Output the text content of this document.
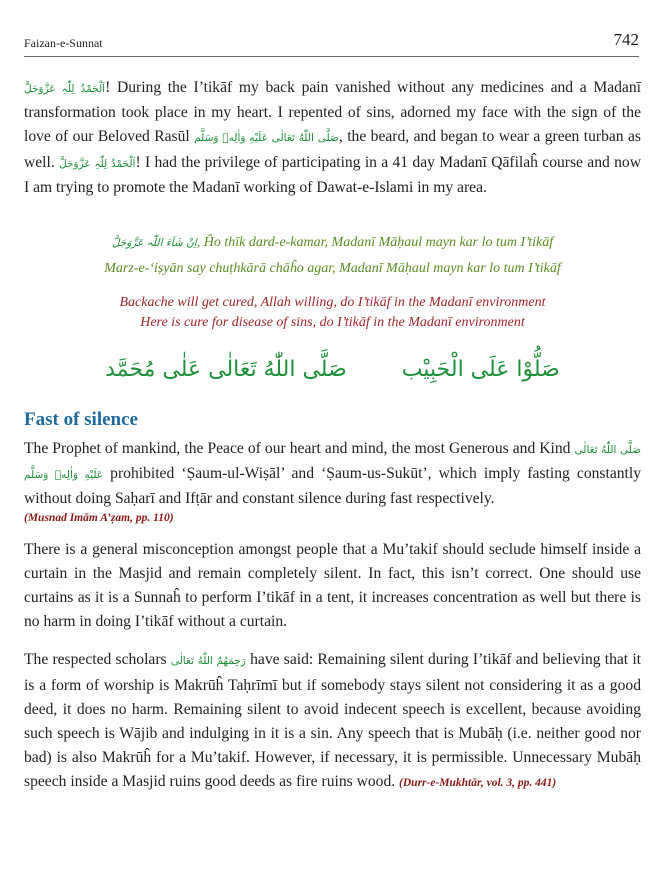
Faizan-e-Sunnat	742

اَلْحَمْدُ لِلّٰہِ عَزَّوَجَلَّ! During the I’tikāf my back pain vanished without any medicines and a Madanī transformation took place in my heart. I repented of sins, adorned my face with the sign of the love of our Beloved Rasūl صَلَّى اللّٰهُ تَعَالٰى عَلَيْهِ وَاٰلِهٖ وَسَلَّم, the beard, and began to wear a green turban as well. اَلْحَمْدُ لِلّٰہِ عَزَّوَجَلَّ! I had the privilege of participating in a 41 day Madanī Qāfilaĥ course and now I am trying to promote the Madanī working of Dawat-e-Islami in my area.

اِنْ شَآءَ اللّٰہ عَزَّوَجَلَّ, Ĥo thīk dard-e-kamar, Madanī Māḥaul mayn kar lo tum I’tikāf
Marz-e-‘iṣyān say chuṭhkārā chāĥo agar, Madanī Māḥaul mayn kar lo tum I’tikāf
Backache will get cured, Allah willing, do I’tikāf in the Madanī environment
Here is cure for disease of sins, do I’tikāf in the Madanī environment
صَلُّوْا عَلَى الْحَبِيْب صَلَّى اللّٰهُ تَعَالٰى عَلٰى مُحَمَّد
Fast of silence

The Prophet of mankind, the Peace of our heart and mind, the most Generous and Kind صَلَّى اللّٰهُ تَعَالٰى عَلَيْهِ وَاٰلِهٖ وَسَلَّم prohibited ‘Ṣaum-ul-Wiṣāl’ and ‘Ṣaum-us-Sukūt’, which imply fasting constantly without doing Saḥarī and Ifṭār and constant silence during fast respectively.

(Musnad Imām A’ẓam, pp. 110)

There is a general misconception amongst people that a Mu’takif should seclude himself inside a curtain in the Masjid and remain completely silent. In fact, this isn’t correct. One should use curtains as it is a Sunnaĥ to perform I’tikāf in a tent, it increases concentration as well but there is no harm in doing I’tikāf without a curtain.

The respected scholars رَحِمَهُمُ اللّٰهُ تَعَالٰى have said: Remaining silent during I’tikāf and believing that it is a form of worship is Makrūĥ Taḥrīmī but if somebody stays silent not considering it as a good deed, it does no harm. Remaining silent to avoid indecent speech is excellent, because avoiding such speech is Wājib and indulging in it is a sin. Any speech that is Mubāḥ (i.e. neither good nor bad) is also Makrūĥ for a Mu’takif. However, if necessary, it is permissible. Unnecessary Mubāḥ speech inside a Masjid ruins good deeds as fire ruins wood. (Durr-e-Mukhtār, vol. 3, pp. 441)
